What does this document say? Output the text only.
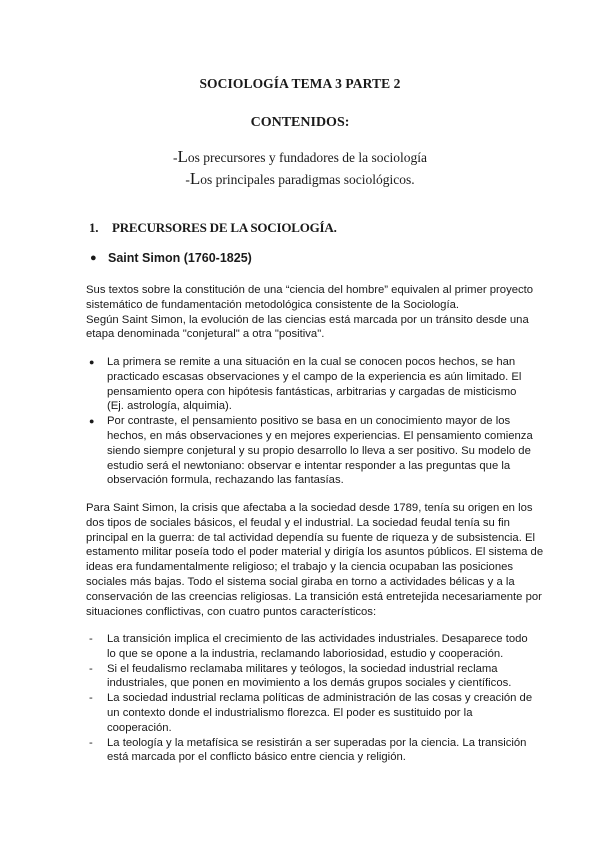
SOCIOLOGÍA TEMA 3 PARTE 2
CONTENIDOS:
-Los precursores y fundadores de la sociología
-Los principales paradigmas sociológicos.
1. PRECURSORES DE LA SOCIOLOGÍA.
● Saint Simon (1760-1825)
Sus textos sobre la constitución de una “ciencia del hombre” equivalen al primer proyecto
sistemático de fundamentación metodológica consistente de la Sociología.
Según Saint Simon, la evolución de las ciencias está marcada por un tránsito desde una
etapa denominada "conjetural" a otra "positiva".
● La primera se remite a una situación en la cual se conocen pocos hechos, se han
practicado escasas observaciones y el campo de la experiencia es aún limitado. El
pensamiento opera con hipótesis fantásticas, arbitrarias y cargadas de misticismo
(Ej. astrología, alquimia).
● Por contraste, el pensamiento positivo se basa en un conocimiento mayor de los
hechos, en más observaciones y en mejores experiencias. El pensamiento comienza
siendo siempre conjetural y su propio desarrollo lo lleva a ser positivo. Su modelo de
estudio será el newtoniano: observar e intentar responder a las preguntas que la
observación formula, rechazando las fantasías.
Para Saint Simon, la crisis que afectaba a la sociedad desde 1789, tenía su origen en los
dos tipos de sociales básicos, el feudal y el industrial. La sociedad feudal tenía su fin
principal en la guerra: de tal actividad dependía su fuente de riqueza y de subsistencia. El
estamento militar poseía todo el poder material y dirigía los asuntos públicos. El sistema de
ideas era fundamentalmente religioso; el trabajo y la ciencia ocupaban las posiciones
sociales más bajas. Todo el sistema social giraba en torno a actividades bélicas y a la
conservación de las creencias religiosas. La transición está entretejida necesariamente por
situaciones conflictivas, con cuatro puntos característicos:
- La transición implica el crecimiento de las actividades industriales. Desaparece todo
lo que se opone a la industria, reclamando laboriosidad, estudio y cooperación.
- Si el feudalismo reclamaba militares y teólogos, la sociedad industrial reclama
industriales, que ponen en movimiento a los demás grupos sociales y científicos.
- La sociedad industrial reclama políticas de administración de las cosas y creación de
un contexto donde el industrialismo florezca. El poder es sustituido por la
cooperación.
- La teología y la metafísica se resistirán a ser superadas por la ciencia. La transición
está marcada por el conflicto básico entre ciencia y religión.
